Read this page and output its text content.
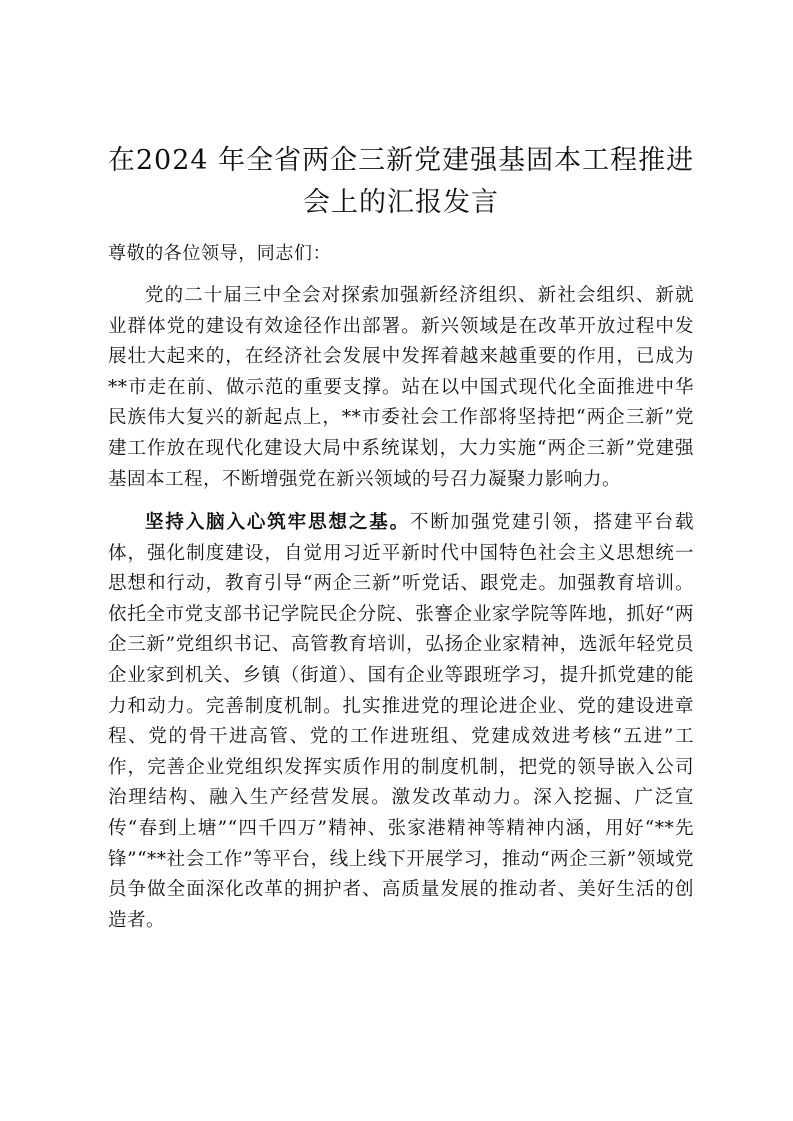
在2024 年全省两企三新党建强基固本工程推进会上的汇报发言

尊敬的各位领导，同志们：

党的二十届三中全会对探索加强新经济组织、新社会组织、新就业群体党的建设有效途径作出部署。新兴领域是在改革开放过程中发展壮大起来的，在经济社会发展中发挥着越来越重要的作用，已成为**市走在前、做示范的重要支撑。站在以中国式现代化全面推进中华民族伟大复兴的新起点上，**市委社会工作部将坚持把“两企三新”党建工作放在现代化建设大局中系统谋划，大力实施“两企三新”党建强基固本工程，不断增强党在新兴领域的号召力凝聚力影响力。

坚持入脑入心筑牢思想之基。不断加强党建引领，搭建平台载体，强化制度建设，自觉用习近平新时代中国特色社会主义思想统一思想和行动，教育引导“两企三新”听党话、跟党走。加强教育培训。依托全市党支部书记学院民企分院、张謇企业家学院等阵地，抓好“两企三新”党组织书记、高管教育培训，弘扬企业家精神，选派年轻党员企业家到机关、乡镇（街道）、国有企业等跟班学习，提升抓党建的能力和动力。完善制度机制。扎实推进党的理论进企业、党的建设进章程、党的骨干进高管、党的工作进班组、党建成效进考核“五进”工作，完善企业党组织发挥实质作用的制度机制，把党的领导嵌入公司治理结构、融入生产经营发展。激发改革动力。深入挖掘、广泛宣传“春到上塘”“四千四万”精神、张家港精神等精神内涵，用好“**先锋”“**社会工作”等平台，线上线下开展学习，推动“两企三新”领域党员争做全面深化改革的拥护者、高质量发展的推动者、美好生活的创造者。
